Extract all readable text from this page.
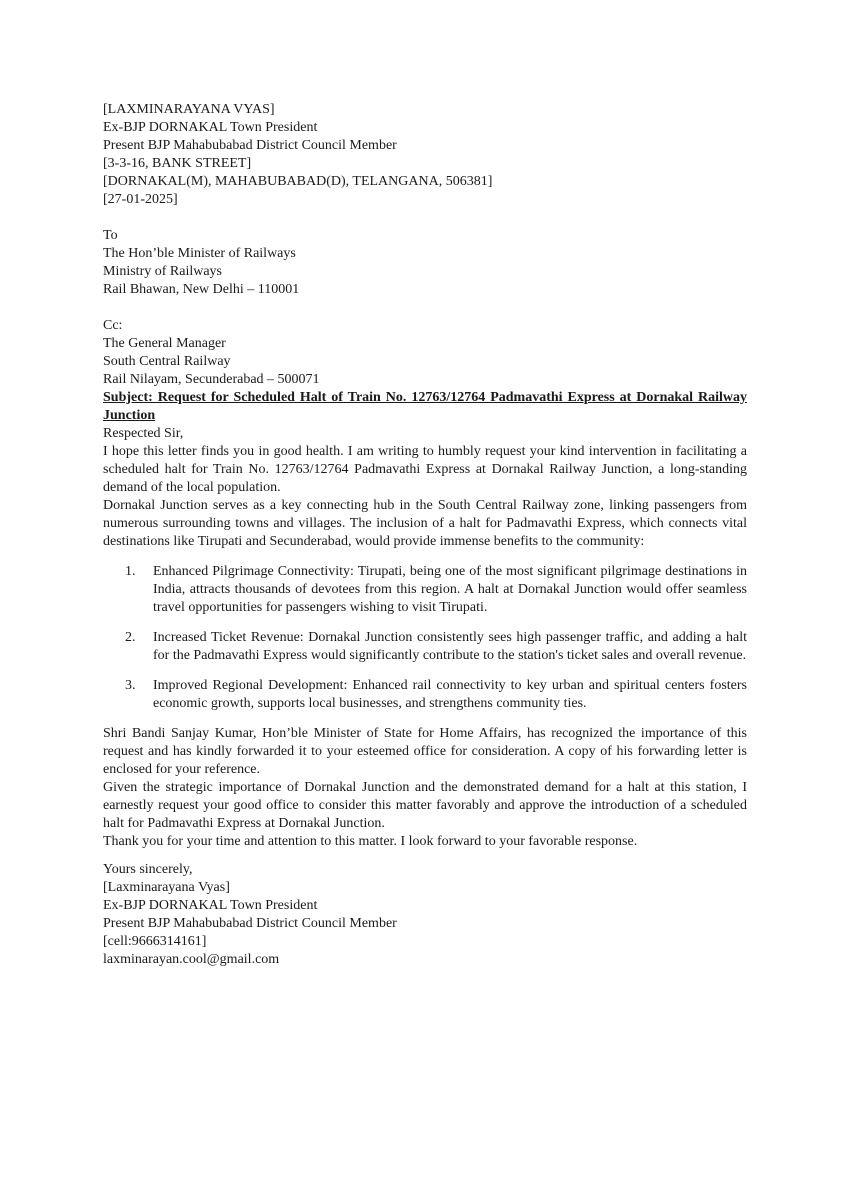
[LAXMINARAYANA VYAS]
Ex-BJP DORNAKAL Town President
Present BJP Mahabubabad District Council Member
[3-3-16, BANK STREET]
[DORNAKAL(M), MAHABUBABAD(D), TELANGANA, 506381]
[27-01-2025]
To
The Hon’ble Minister of Railways
Ministry of Railways
Rail Bhawan, New Delhi – 110001
Cc:
The General Manager
South Central Railway
Rail Nilayam, Secunderabad – 500071

Subject: Request for Scheduled Halt of Train No. 12763/12764 Padmavathi Express at Dornakal Railway Junction

Respected Sir,

I hope this letter finds you in good health. I am writing to humbly request your kind intervention in facilitating a scheduled halt for Train No. 12763/12764 Padmavathi Express at Dornakal Railway Junction, a long-standing demand of the local population.

Dornakal Junction serves as a key connecting hub in the South Central Railway zone, linking passengers from numerous surrounding towns and villages. The inclusion of a halt for Padmavathi Express, which connects vital destinations like Tirupati and Secunderabad, would provide immense benefits to the community:

1.	Enhanced Pilgrimage Connectivity: Tirupati, being one of the most significant pilgrimage destinations in India, attracts thousands of devotees from this region. A halt at Dornakal Junction would offer seamless travel opportunities for passengers wishing to visit Tirupati.
2.	Increased Ticket Revenue: Dornakal Junction consistently sees high passenger traffic, and adding a halt for the Padmavathi Express would significantly contribute to the station's ticket sales and overall revenue.
3.	Improved Regional Development: Enhanced rail connectivity to key urban and spiritual centers fosters economic growth, supports local businesses, and strengthens community ties.

Shri Bandi Sanjay Kumar, Hon’ble Minister of State for Home Affairs, has recognized the importance of this request and has kindly forwarded it to your esteemed office for consideration. A copy of his forwarding letter is enclosed for your reference.

Given the strategic importance of Dornakal Junction and the demonstrated demand for a halt at this station, I earnestly request your good office to consider this matter favorably and approve the introduction of a scheduled halt for Padmavathi Express at Dornakal Junction.

Thank you for your time and attention to this matter. I look forward to your favorable response.

Yours sincerely,
[Laxminarayana Vyas]
Ex-BJP DORNAKAL Town President
Present BJP Mahabubabad District Council Member
[cell:9666314161]
laxminarayan.cool@gmail.com
